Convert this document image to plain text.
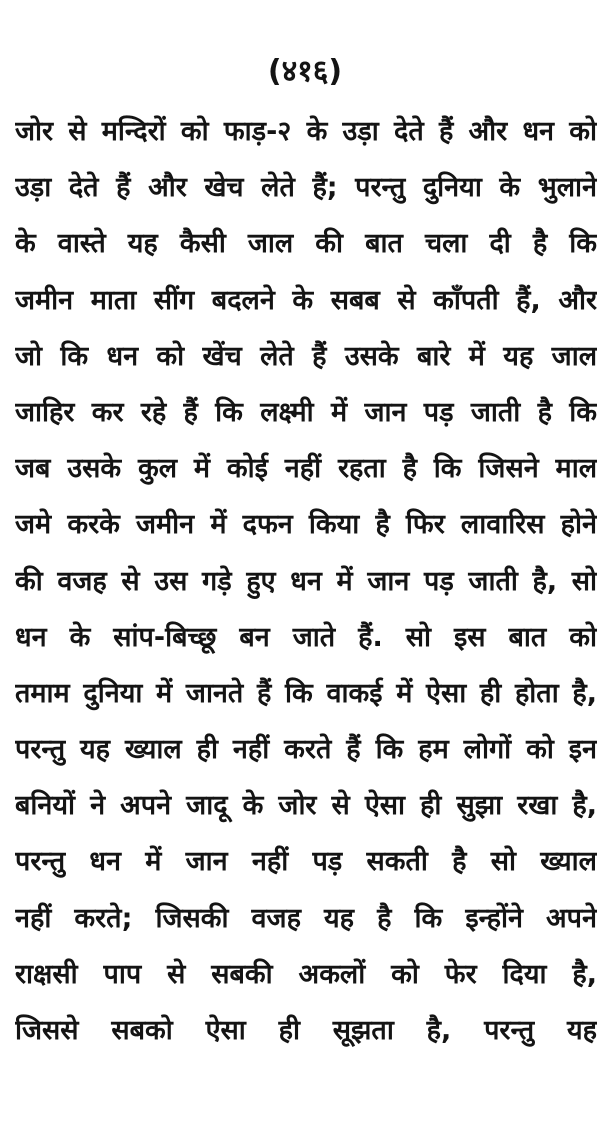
(४१६)
जोर से मन्दिरों को फाड़-२ के उड़ा देते हैं और धन को
उड़ा देते हैं और खेच लेते हैं; परन्तु दुनिया के भुलाने
के वास्ते यह कैसी जाल की बात चला दी है कि
जमीन माता सींग बदलने के सबब से काँपती हैं, और
जो कि धन को खेंच लेते हैं उसके बारे में यह जाल
जाहिर कर रहे हैं कि लक्ष्मी में जान पड़ जाती है कि
जब उसके कुल में कोई नहीं रहता है कि जिसने माल
जमे करके जमीन में दफन किया है फिर लावारिस होने
की वजह से उस गड़े हुए धन में जान पड़ जाती है, सो
धन के सांप-बिच्छू बन जाते हैं. सो इस बात को
तमाम दुनिया में जानते हैं कि वाकई में ऐसा ही होता है,
परन्तु यह ख्याल ही नहीं करते हैं कि हम लोगों को इन
बनियों ने अपने जादू के जोर से ऐसा ही सुझा रखा है,
परन्तु धन में जान नहीं पड़ सकती है सो ख्याल
नहीं करते; जिसकी वजह यह है कि इन्होंने अपने
राक्षसी पाप से सबकी अकलों को फेर दिया है,
जिससे सबको ऐसा ही सूझता है, परन्तु यह
